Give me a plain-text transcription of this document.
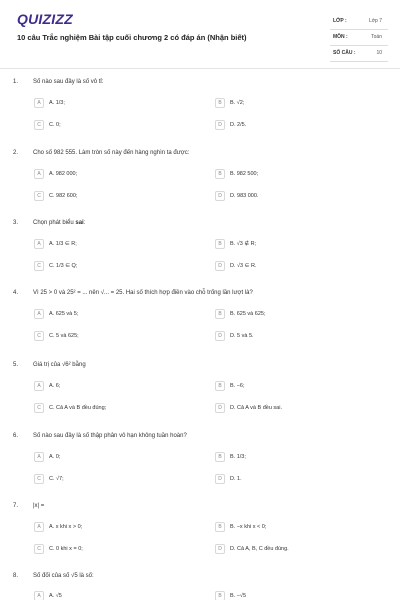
QUIZIZZ
10 câu Trắc nghiệm Bài tập cuối chương 2 có đáp án (Nhận biết)
LỚP :	Lớp 7
MÔN :	Toán
SỐ CÂU :	10
1. Số nào sau đây là số vô tỉ:
A	A. 1/3;	B	B. √2;
C	C. 0;	D	D. 2/5.
2. Cho số 982 555. Làm tròn số này đến hàng nghìn ta được:
A	A. 982 000;	B	B. 982 500;
C	C. 982 600;	D	D. 983 000.
3. Chọn phát biểu sai:
A	A. 1/3 ∈ R;	B	B. √3 ∉ R;
C	C. 1/3 ∈ Q;	D	D. √3 ∈ R.
4. Vì 25 > 0 và 25² = ... nên √... = 25. Hai số thích hợp điền vào chỗ trống lần lượt là?
A	A. 625 và 5;	B	B. 625 và 625;
C	C. 5 và 625;	D	D. 5 và 5.
5. Giá trị của √6² bằng
A	A. 6;	B	B. −6;
C	C. Cả A và B đều đúng;	D	D. Cả A và B đều sai.
6. Số nào sau đây là số thập phân vô hạn không tuần hoàn?
A	A. 0;	B	B. 1/3;
C	C. √7;	D	D. 1.
7. |x| =
A	A. x khi x > 0;	B	B. −x khi x < 0;
C	C. 0 khi x = 0;	D	D. Cả A, B, C đều đúng.
8. Số đối của số √5 là số:
A	A. √5	B	B. −√5
